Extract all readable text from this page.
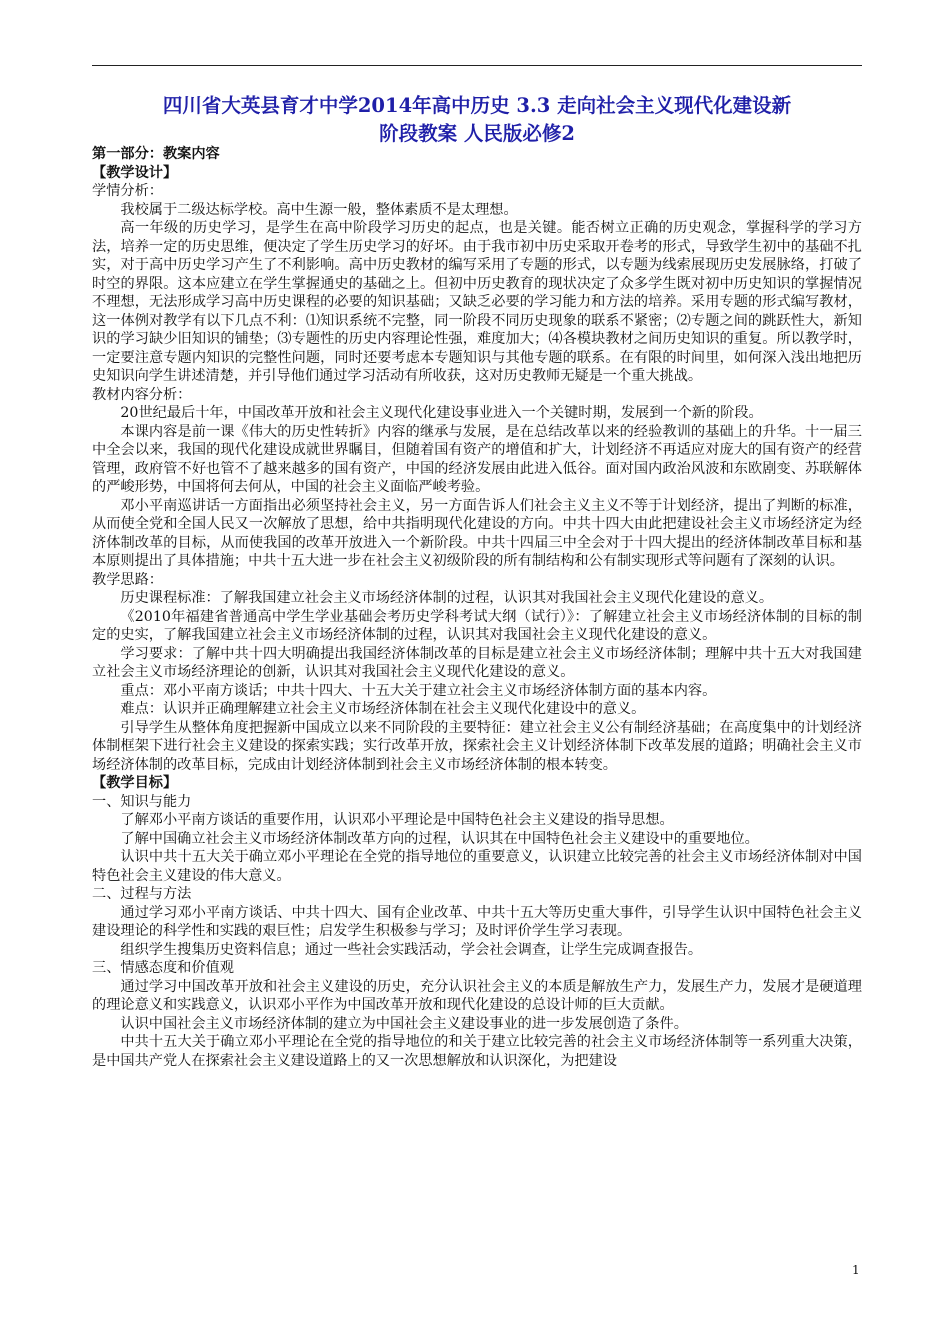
四川省大英县育才中学2014年高中历史 3.3 走向社会主义现代化建设新
阶段教案 人民版必修2

第一部分：教案内容

【教学设计】

学情分析：

我校属于二级达标学校。高中生源一般，整体素质不是太理想。

高一年级的历史学习，是学生在高中阶段学习历史的起点，也是关键。能否树立正确的历史观念，掌握科学的学习方法，培养一定的历史思维，便决定了学生历史学习的好坏。由于我市初中历史采取开卷考的形式，导致学生初中的基础不扎实，对于高中历史学习产生了不利影响。高中历史教材的编写采用了专题的形式，以专题为线索展现历史发展脉络，打破了时空的界限。这本应建立在学生掌握通史的基础之上。但初中历史教育的现状决定了众多学生既对初中历史知识的掌握情况不理想，无法形成学习高中历史课程的必要的知识基础；又缺乏必要的学习能力和方法的培养。采用专题的形式编写教材，这一体例对教学有以下几点不利：⑴知识系统不完整，同一阶段不同历史现象的联系不紧密；⑵专题之间的跳跃性大，新知识的学习缺少旧知识的铺垫；⑶专题性的历史内容理论性强，难度加大；⑷各模块教材之间历史知识的重复。所以教学时，一定要注意专题内知识的完整性问题，同时还要考虑本专题知识与其他专题的联系。在有限的时间里，如何深入浅出地把历史知识向学生讲述清楚，并引导他们通过学习活动有所收获，这对历史教师无疑是一个重大挑战。

教材内容分析：

20世纪最后十年，中国改革开放和社会主义现代化建设事业进入一个关键时期，发展到一个新的阶段。

本课内容是前一课《伟大的历史性转折》内容的继承与发展，是在总结改革以来的经验教训的基础上的升华。十一届三中全会以来，我国的现代化建设成就世界瞩目，但随着国有资产的增值和扩大，计划经济不再适应对庞大的国有资产的经营管理，政府管不好也管不了越来越多的国有资产，中国的经济发展由此进入低谷。面对国内政治风波和东欧剧变、苏联解体的严峻形势，中国将何去何从，中国的社会主义面临严峻考验。

邓小平南巡讲话一方面指出必须坚持社会主义，另一方面告诉人们社会主义主义不等于计划经济，提出了判断的标准，从而使全党和全国人民又一次解放了思想，给中共指明现代化建设的方向。中共十四大由此把建设社会主义市场经济定为经济体制改革的目标，从而使我国的改革开放进入一个新阶段。中共十四届三中全会对于十四大提出的经济体制改革目标和基本原则提出了具体措施；中共十五大进一步在社会主义初级阶段的所有制结构和公有制实现形式等问题有了深刻的认识。

教学思路：

历史课程标准：了解我国建立社会主义市场经济体制的过程，认识其对我国社会主义现代化建设的意义。

《2010年福建省普通高中学生学业基础会考历史学科考试大纲（试行）》：了解建立社会主义市场经济体制的目标的制定的史实，了解我国建立社会主义市场经济体制的过程，认识其对我国社会主义现代化建设的意义。

学习要求：了解中共十四大明确提出我国经济体制改革的目标是建立社会主义市场经济体制；理解中共十五大对我国建立社会主义市场经济理论的创新，认识其对我国社会主义现代化建设的意义。

重点：邓小平南方谈话；中共十四大、十五大关于建立社会主义市场经济体制方面的基本内容。

难点：认识并正确理解建立社会主义市场经济体制在社会主义现代化建设中的意义。

引导学生从整体角度把握新中国成立以来不同阶段的主要特征：建立社会主义公有制经济基础；在高度集中的计划经济体制框架下进行社会主义建设的探索实践；实行改革开放，探索社会主义计划经济体制下改革发展的道路；明确社会主义市场经济体制的改革目标，完成由计划经济体制到社会主义市场经济体制的根本转变。

【教学目标】

一、知识与能力

了解邓小平南方谈话的重要作用，认识邓小平理论是中国特色社会主义建设的指导思想。

了解中国确立社会主义市场经济体制改革方向的过程，认识其在中国特色社会主义建设中的重要地位。

认识中共十五大关于确立邓小平理论在全党的指导地位的重要意义，认识建立比较完善的社会主义市场经济体制对中国特色社会主义建设的伟大意义。

二、过程与方法

通过学习邓小平南方谈话、中共十四大、国有企业改革、中共十五大等历史重大事件，引导学生认识中国特色社会主义建设理论的科学性和实践的艰巨性；启发学生积极参与学习；及时评价学生学习表现。

组织学生搜集历史资料信息；通过一些社会实践活动，学会社会调查，让学生完成调查报告。

三、情感态度和价值观

通过学习中国改革开放和社会主义建设的历史，充分认识社会主义的本质是解放生产力，发展生产力，发展才是硬道理的理论意义和实践意义，认识邓小平作为中国改革开放和现代化建设的总设计师的巨大贡献。

认识中国社会主义市场经济体制的建立为中国社会主义建设事业的进一步发展创造了条件。

中共十五大关于确立邓小平理论在全党的指导地位的和关于建立比较完善的社会主义市场经济体制等一系列重大决策，是中国共产党人在探索社会主义建设道路上的又一次思想解放和认识深化，为把建设

1
